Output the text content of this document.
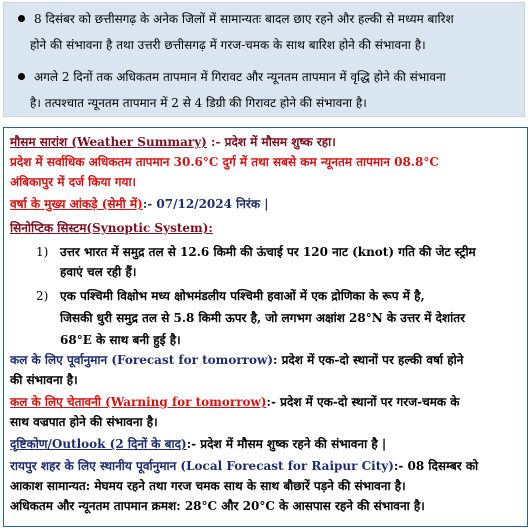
8 दिसंबर को छत्तीसगढ़ के अनेक जिलों में सामान्यतः बादल छाए रहने और हल्की से मध्यम बारिश
होने की संभावना है तथा उत्तरी छत्तीसगढ़ में गरज-चमक के साथ बारिश होने की संभावना है।
अगले 2 दिनों तक अधिकतम तापमान में गिरावट और न्यूनतम तापमान में वृद्धि होने की संभावना
है। तत्पश्चात न्यूनतम तापमान में 2 से 4 डिग्री की गिरावट होने की संभावना है।
मौसम सारांश (Weather Summary) :- प्रदेश में मौसम शुष्क रहा।
प्रदेश में सर्वाधिक अधिकतम तापमान 30.6°C दुर्ग में तथा सबसे कम न्यूनतम तापमान 08.8°C
अंबिकापुर में दर्ज किया गया।
वर्षा के मुख्य आंकड़े (सेमी में):- 07/12/2024 निरंक |
सिनोप्टिक सिस्टम(Synoptic System):
1) उत्तर भारत में समुद्र तल से 12.6 किमी की ऊंचाई पर 120 नाट (knot) गति की जेट स्ट्रीम
हवाएं चल रही हैं।
2) एक पश्चिमी विक्षोभ मध्य क्षोभमंडलीय पश्चिमी हवाओं में एक द्रोणिका के रूप में है,
जिसकी धुरी समुद्र तल से 5.8 किमी ऊपर है, जो लगभग अक्षांश 28°N के उत्तर में देशांतर
68°E के साथ बनी हुई है।
कल के लिए पूर्वानुमान (Forecast for tomorrow): प्रदेश में एक-दो स्थानों पर हल्की वर्षा होने
की संभावना है।
कल के लिए चेतावनी (Warning for tomorrow):- प्रदेश में एक-दो स्थानों पर गरज-चमक के
साथ वज्रपात होने की संभावना है।
दृष्टिकोण/Outlook (2 दिनों के बाद):- प्रदेश में मौसम शुष्क रहने की संभावना है |
रायपुर शहर के लिए स्थानीय पूर्वानुमान (Local Forecast for Raipur City):- 08 दिसम्बर को
आकाश सामान्यत: मेघमय रहने तथा गरज चमक साथ के साथ बौछारें पड़ने की संभावना है।
अधिकतम और न्यूनतम तापमान क्रमश: 28°C और 20°C के आसपास रहने की संभावना है।
